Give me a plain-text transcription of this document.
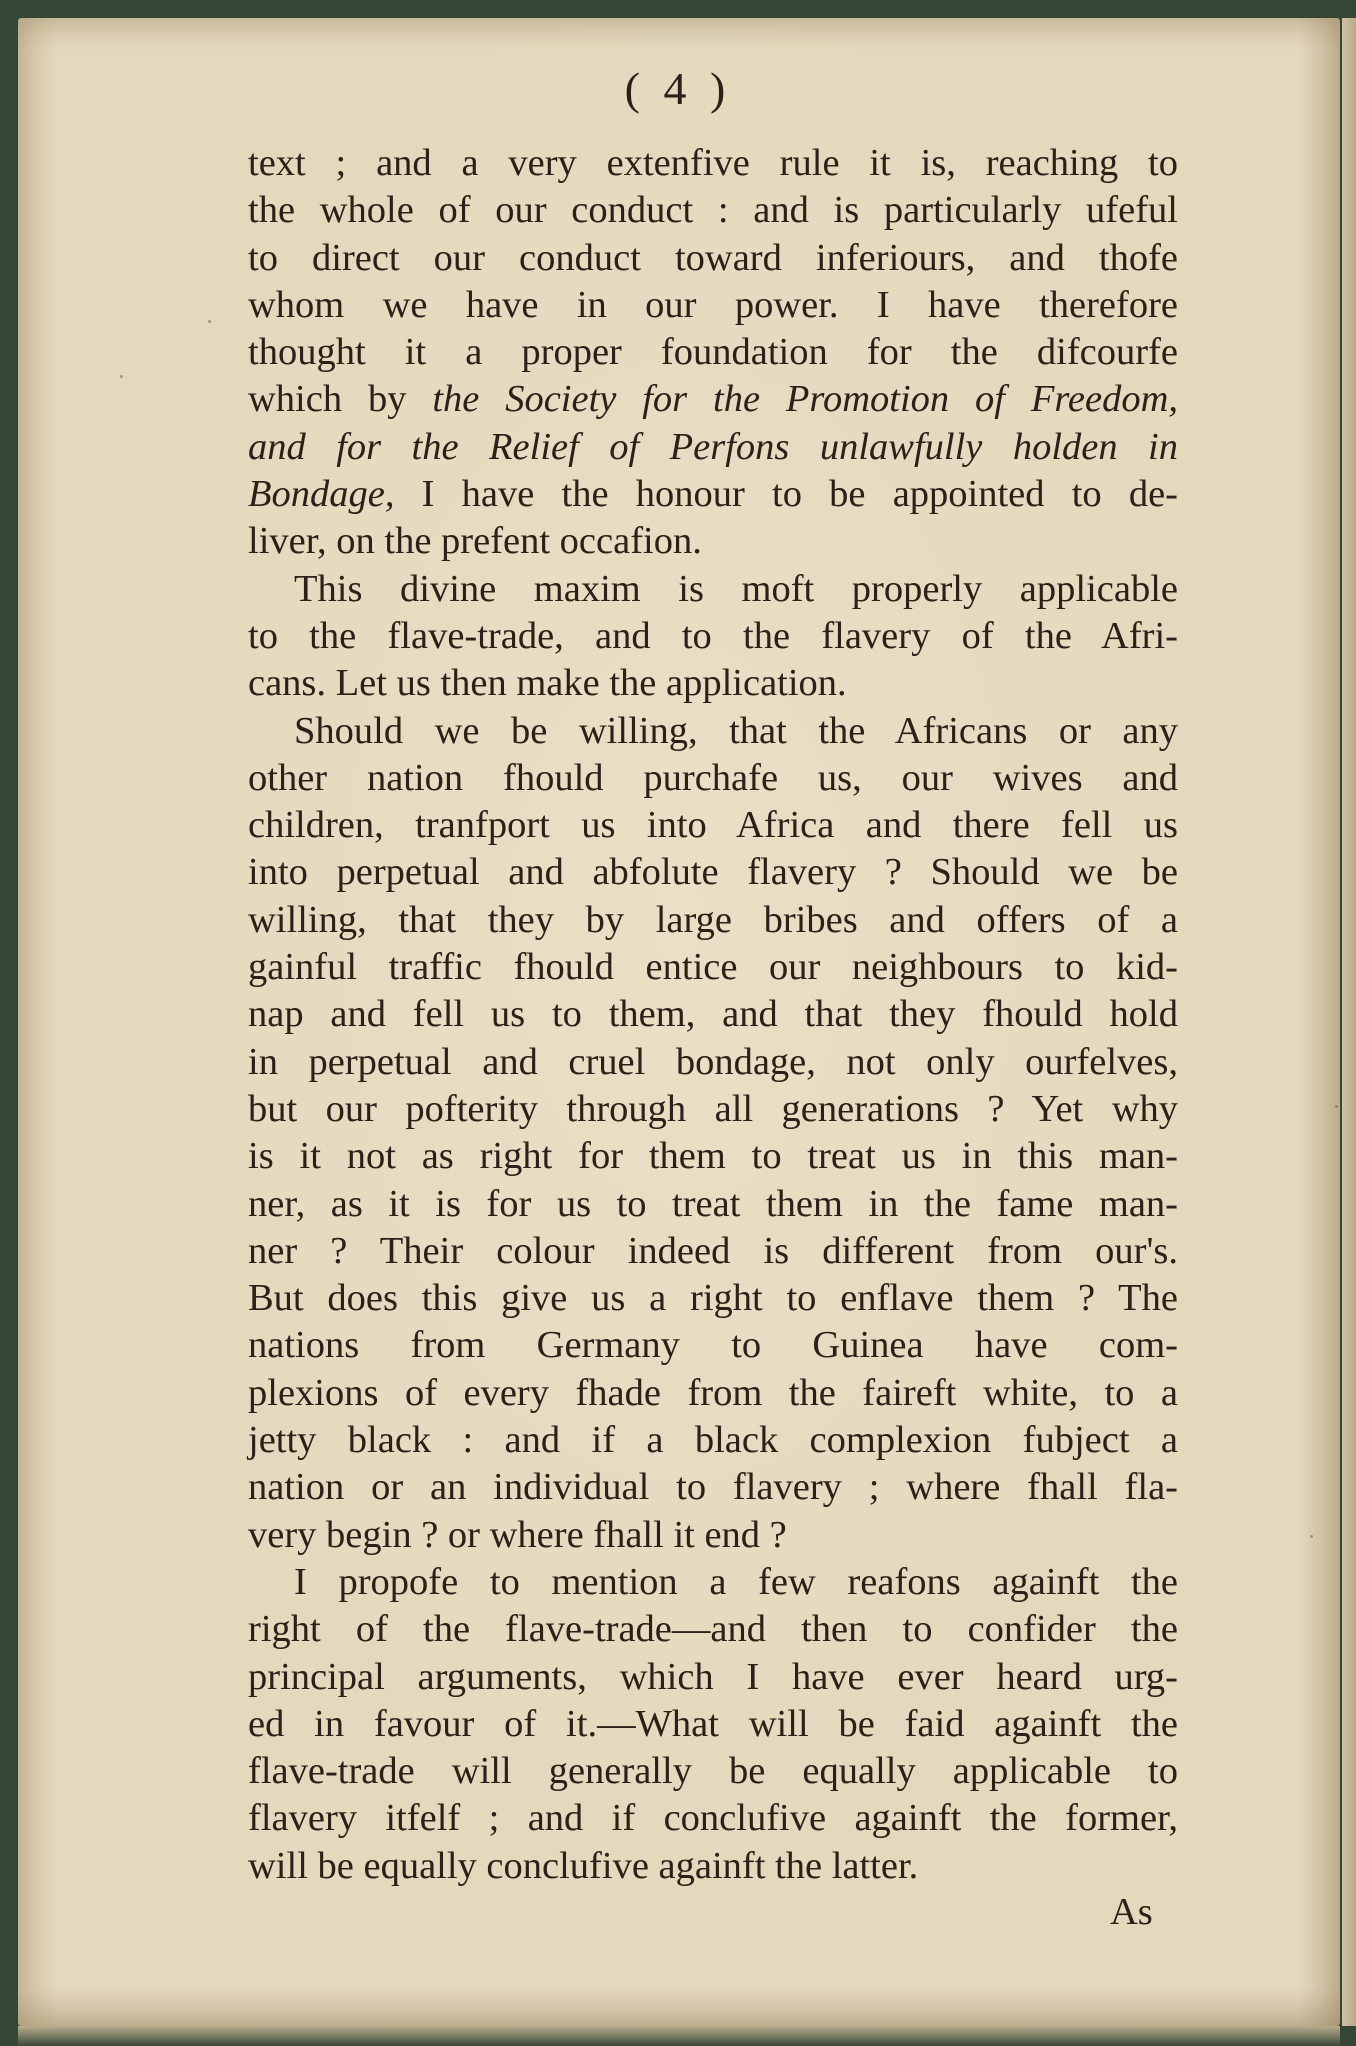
( 4 )
text ; and a very extenfive rule it is, reaching to
the whole of our conduct : and is particularly ufeful
to direct our conduct toward inferiours, and thofe
whom we have in our power. I have therefore
thought it a proper foundation for the difcourfe
which by the Society for the Promotion of Freedom,
and for the Relief of Perfons unlawfully holden in
Bondage, I have the honour to be appointed to de-
liver, on the prefent occafion.
This divine maxim is moft properly applicable
to the flave-trade, and to the flavery of the Afri-
cans. Let us then make the application.
Should we be willing, that the Africans or any
other nation fhould purchafe us, our wives and
children, tranfport us into Africa and there fell us
into perpetual and abfolute flavery ? Should we be
willing, that they by large bribes and offers of a
gainful traffic fhould entice our neighbours to kid-
nap and fell us to them, and that they fhould hold
in perpetual and cruel bondage, not only ourfelves,
but our pofterity through all generations ? Yet why
is it not as right for them to treat us in this man-
ner, as it is for us to treat them in the fame man-
ner ? Their colour indeed is different from our's.
But does this give us a right to enflave them ? The
nations from Germany to Guinea have com-
plexions of every fhade from the faireft white, to a
jetty black : and if a black complexion fubject a
nation or an individual to flavery ; where fhall fla-
very begin ? or where fhall it end ?
I propofe to mention a few reafons againft the
right of the flave-trade—and then to confider the
principal arguments, which I have ever heard urg-
ed in favour of it.—What will be faid againft the
flave-trade will generally be equally applicable to
flavery itfelf ; and if conclufive againft the former,
will be equally conclufive againft the latter.
As
